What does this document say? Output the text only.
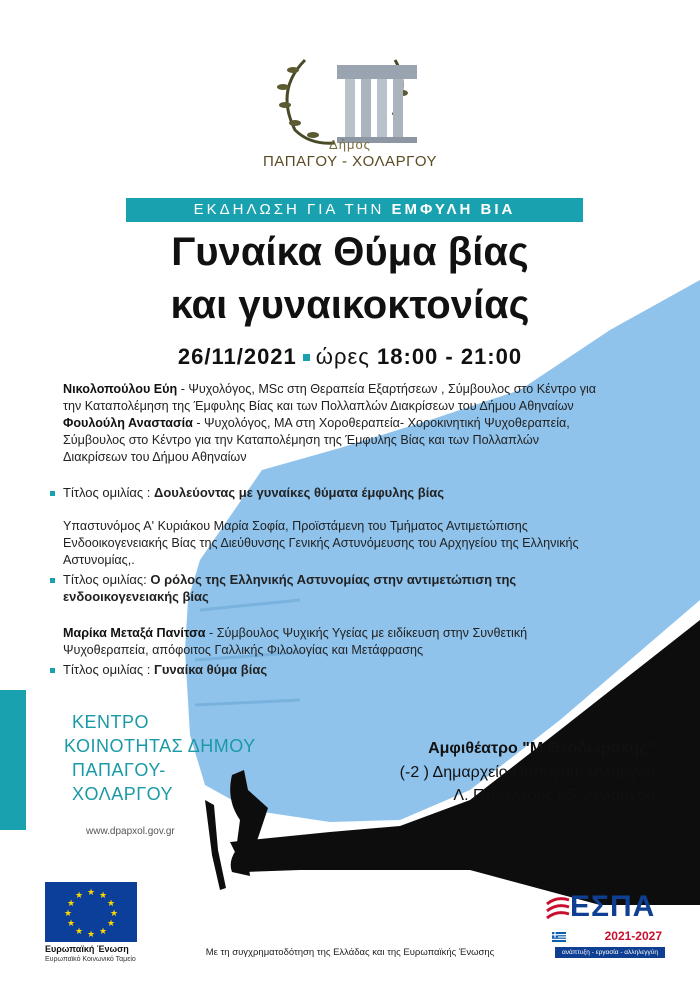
Δήμος
ΠΑΠΑΓΟΥ - ΧΟΛΑΡΓΟΥ
ΕΚΔΗΛΩΣΗ ΓΙΑ ΤΗΝ ΕΜΦΥΛΗ ΒΙΑ
Γυναίκα Θύμα βίας
και γυναικοκτονίας
26/11/2021 ώρες 18:00 - 21:00
Νικολοπούλου Εύη - Ψυχολόγος, MSc στη Θεραπεία Εξαρτήσεων , Σύμβουλος στο Κέντρο για
την Καταπολέμηση της Έμφυλης Βίας και των Πολλαπλών Διακρίσεων του Δήμου Αθηναίων
Φουλούλη Αναστασία - Ψυχολόγος, ΜΑ στη Χοροθεραπεία- Χοροκινητική Ψυχοθεραπεία,
Σύμβουλος στο Κέντρο για την Καταπολέμηση της Έμφυλης Βίας και των Πολλαπλών
Διακρίσεων του Δήμου Αθηναίων
Τίτλος ομιλίας : Δουλεύοντας με γυναίκες θύματα έμφυλης βίας
Υπαστυνόμος Α' Κυριάκου Μαρία Σοφία, Προϊστάμενη του Τμήματος Αντιμετώπισης
Ενδοοικογενειακής Βίας της Διεύθυνσης Γενικής Αστυνόμευσης του Αρχηγείου της Ελληνικής
Αστυνομίας,.
Τίτλος ομιλίας: Ο ρόλος της Ελληνικής Αστυνομίας στην αντιμετώπιση της
ενδοοικογενειακής βίας
Μαρίκα Μεταξά Πανίτσα - Σύμβουλος Ψυχικής Υγείας με ειδίκευση στην Συνθετική
Ψυχοθεραπεία, απόφοιτος Γαλλικής Φιλολογίας και Μετάφρασης
Τίτλος ομιλίας : Γυναίκα θύμα βίας
ΚΕΝΤΡΟ
ΚΟΙΝΟΤΗΤΑΣ ΔΗΜΟΥ
ΠΑΠΑΓΟΥ-
ΧΟΛΑΡΓΟΥ
www.dpapxol.gov.gr
Αμφιθέατρο "Μ Θεοδωράκης"
(-2 ) Δημαρχείο Παπάγου-Χολαργού
Λ. Περικλέους 55, Χολαργού
★ ★
★
★
★
★
★
★
★
★
★
★
Ευρωπαϊκή Ένωση
Ευρωπαϊκό Κοινωνικό Ταμείο
Με τη συγχρηματοδότηση της Ελλάδας και της Ευρωπαϊκής Ένωσης
ΕΣΠΑ
2021-2027
ανάπτυξη - εργασία - αλληλεγγύη
